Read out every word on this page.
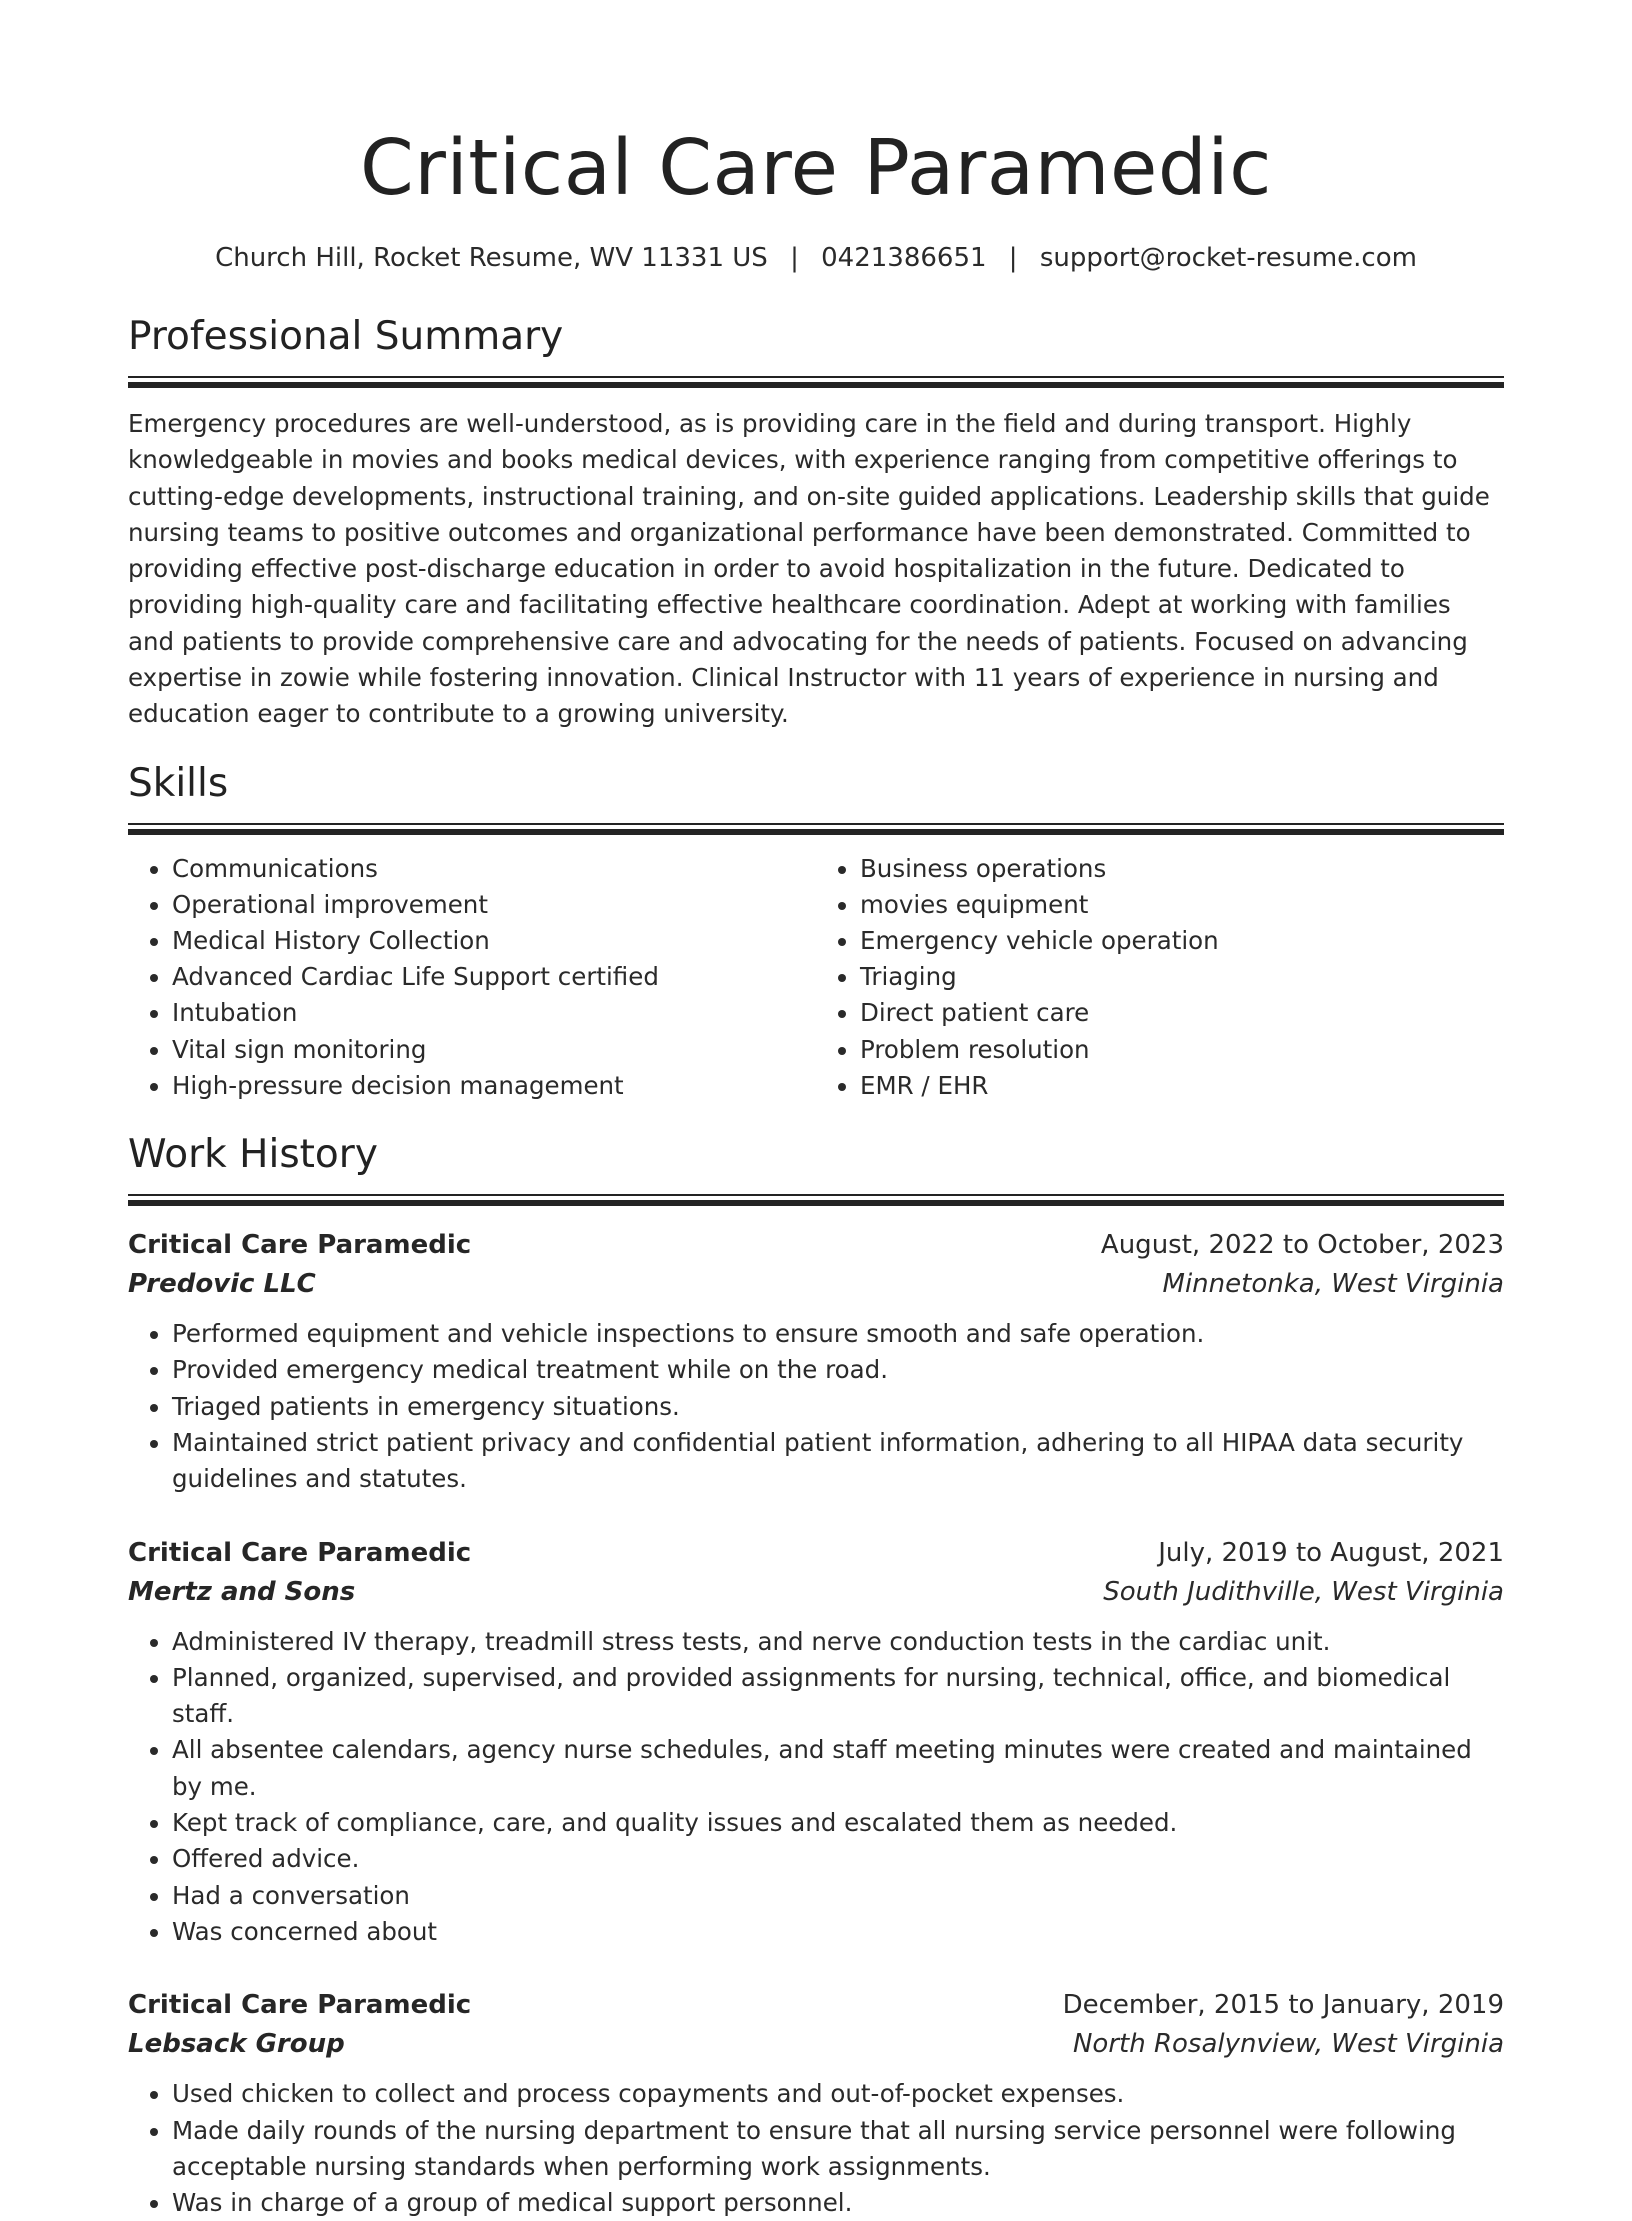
Critical Care Paramedic
Church Hill, Rocket Resume, WV 11331 US | 0421386651 | support@rocket-resume.com
Professional Summary

Emergency procedures are well-understood, as is providing care in the field and during transport. Highly knowledgeable in movies and books medical devices, with experience ranging from competitive offerings to cutting-edge developments, instructional training, and on-site guided applications. Leadership skills that guide nursing teams to positive outcomes and organizational performance have been demonstrated. Committed to providing effective post-discharge education in order to avoid hospitalization in the future. Dedicated to providing high-quality care and facilitating effective healthcare coordination. Adept at working with families and patients to provide comprehensive care and advocating for the needs of patients. Focused on advancing expertise in zowie while fostering innovation. Clinical Instructor with 11 years of experience in nursing and education eager to contribute to a growing university.

Skills
• Communications
• Operational improvement
• Medical History Collection
• Advanced Cardiac Life Support certified
• Intubation
• Vital sign monitoring
• High-pressure decision management
• Business operations
• movies equipment
• Emergency vehicle operation
• Triaging
• Direct patient care
• Problem resolution
• EMR / EHR
Work History
Critical Care Paramedic	August, 2022 to October, 2023
Predovic LLC	Minnetonka, West Virginia
• Performed equipment and vehicle inspections to ensure smooth and safe operation.
• Provided emergency medical treatment while on the road.
• Triaged patients in emergency situations.
• Maintained strict patient privacy and confidential patient information, adhering to all HIPAA data security guidelines and statutes.
Critical Care Paramedic	July, 2019 to August, 2021
Mertz and Sons	South Judithville, West Virginia
• Administered IV therapy, treadmill stress tests, and nerve conduction tests in the cardiac unit.
• Planned, organized, supervised, and provided assignments for nursing, technical, office, and biomedical staff.
• All absentee calendars, agency nurse schedules, and staff meeting minutes were created and maintained by me.
• Kept track of compliance, care, and quality issues and escalated them as needed.
• Offered advice.
• Had a conversation
• Was concerned about
Critical Care Paramedic	December, 2015 to January, 2019
Lebsack Group	North Rosalynview, West Virginia
• Used chicken to collect and process copayments and out-of-pocket expenses.
• Made daily rounds of the nursing department to ensure that all nursing service personnel were following acceptable nursing standards when performing work assignments.
• Was in charge of a group of medical support personnel.
